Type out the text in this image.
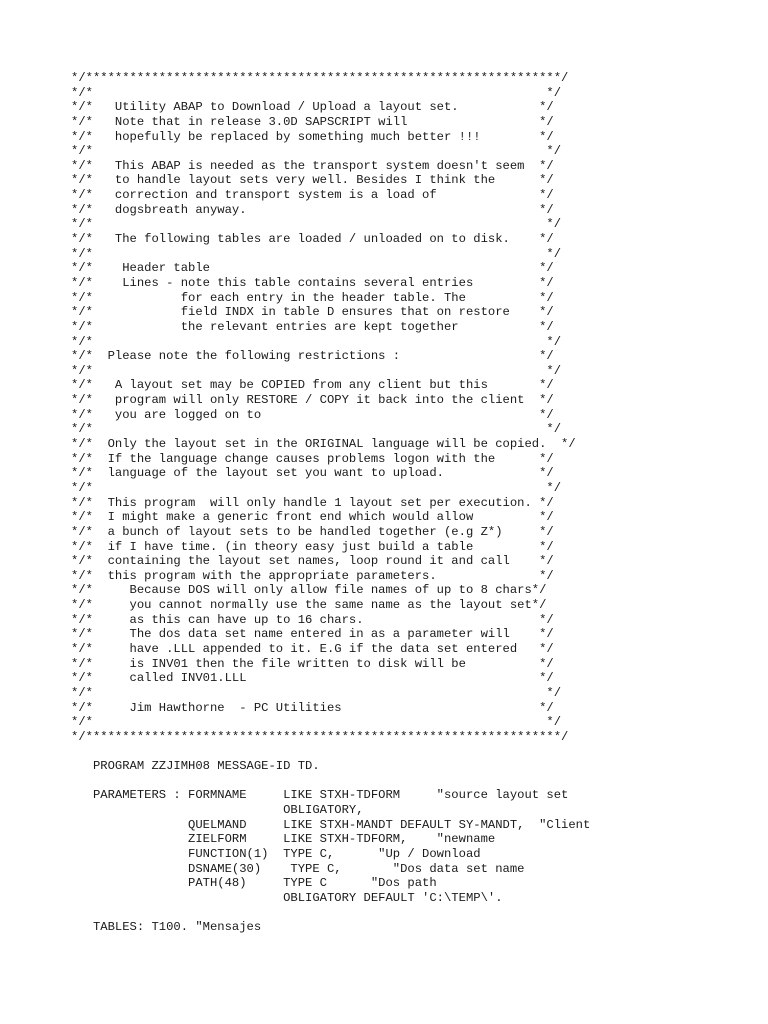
*/*****************************************************************/
*/*                                                              */
*/*   Utility ABAP to Download / Upload a layout set.           */
*/*   Note that in release 3.0D SAPSCRIPT will                  */
*/*   hopefully be replaced by something much better !!!        */
*/*                                                              */
*/*   This ABAP is needed as the transport system doesn't seem  */
*/*   to handle layout sets very well. Besides I think the      */
*/*   correction and transport system is a load of              */
*/*   dogsbreath anyway.                                        */
*/*                                                              */
*/*   The following tables are loaded / unloaded on to disk.    */
*/*                                                              */
*/*    Header table                                             */
*/*    Lines - note this table contains several entries         */
*/*            for each entry in the header table. The          */
*/*            field INDX in table D ensures that on restore    */
*/*            the relevant entries are kept together           */
*/*                                                              */
*/*  Please note the following restrictions :                   */
*/*                                                              */
*/*   A layout set may be COPIED from any client but this       */
*/*   program will only RESTORE / COPY it back into the client  */
*/*   you are logged on to                                      */
*/*                                                              */
*/*  Only the layout set in the ORIGINAL language will be copied.  */
*/*  If the language change causes problems logon with the      */
*/*  language of the layout set you want to upload.             */
*/*                                                              */
*/*  This program  will only handle 1 layout set per execution. */
*/*  I might make a generic front end which would allow         */
*/*  a bunch of layout sets to be handled together (e.g Z*)     */
*/*  if I have time. (in theory easy just build a table         */
*/*  containing the layout set names, loop round it and call    */
*/*  this program with the appropriate parameters.              */
*/*     Because DOS will only allow file names of up to 8 chars*/
*/*     you cannot normally use the same name as the layout set*/
*/*     as this can have up to 16 chars.                        */
*/*     The dos data set name entered in as a parameter will    */
*/*     have .LLL appended to it. E.G if the data set entered   */
*/*     is INV01 then the file written to disk will be          */
*/*     called INV01.LLL                                        */
*/*                                                              */
*/*     Jim Hawthorne  - PC Utilities                           */
*/*                                                              */
*/*****************************************************************/
PROGRAM ZZJIMH08 MESSAGE-ID TD.
PARAMETERS : FORMNAME     LIKE STXH-TDFORM     "source layout set
OBLIGATORY,
QUELMAND     LIKE STXH-MANDT DEFAULT SY-MANDT,  "Client
ZIELFORM     LIKE STXH-TDFORM,    "newname
FUNCTION(1)  TYPE C,      "Up / Download
DSNAME(30)    TYPE C,       "Dos data set name
PATH(48)     TYPE C      "Dos path
OBLIGATORY DEFAULT 'C:\TEMP\'.
TABLES: T100. "Mensajes
